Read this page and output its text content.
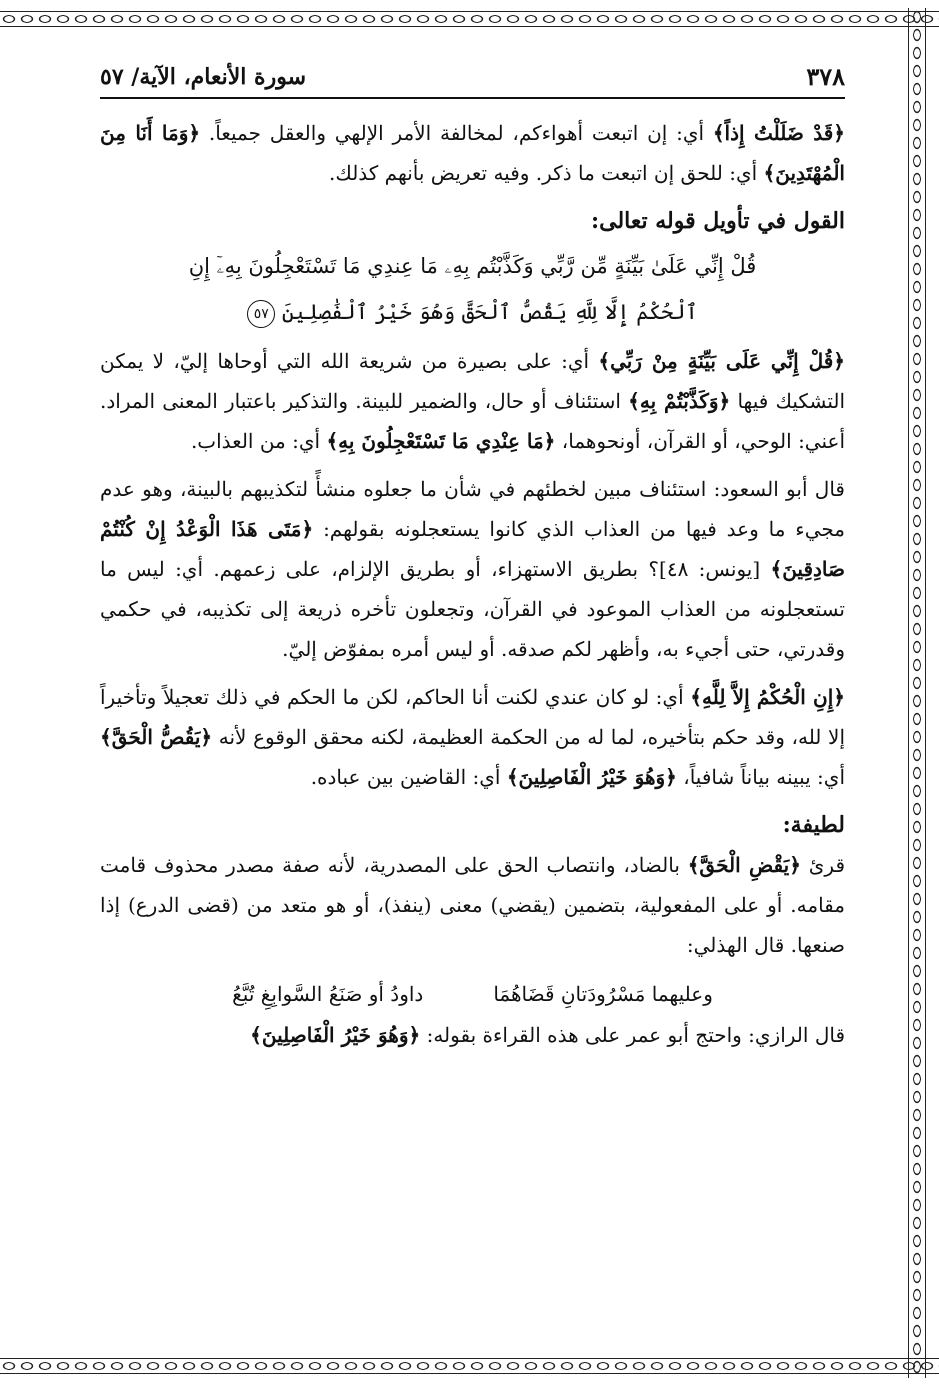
٣٧٨
سورة الأنعام، الآية/ ٥٧

﴿قَدْ ضَلَلْتُ إِذاً﴾ أي: إن اتبعت أهواءكم، لمخالفة الأمر الإلهي والعقل جميعاً. ﴿وَمَا أَنَا مِنَ الْمُهْتَدِينَ﴾ أي: للحق إن اتبعت ما ذكر. وفيه تعريض بأنهم كذلك.

القول في تأويل قوله تعالى:
قُلْ إِنِّي عَلَىٰ بَيِّنَةٍ مِّن رَّبِّي وَكَذَّبْتُم بِهِۦ مَا عِندِي مَا تَسْتَعْجِلُونَ بِهِۦٓ إِنِ
ٱلْحُكْمُ إِلَّا لِلَّهِ يَقُصُّ ٱلْحَقَّ وَهُوَ خَيْرُ ٱلْفَٰصِلِينَ ٥٧

﴿قُلْ إِنِّي عَلَى بَيِّنَةٍ مِنْ رَبِّي﴾ أي: على بصيرة من شريعة الله التي أوحاها إليّ، لا يمكن التشكيك فيها ﴿وَكَذَّبْتُمْ بِهِ﴾ استئناف أو حال، والضمير للبينة. والتذكير باعتبار المعنى المراد. أعني: الوحي، أو القرآن، أونحوهما، ﴿مَا عِنْدِي مَا تَسْتَعْجِلُونَ بِهِ﴾ أي: من العذاب.

قال أبو السعود: استئناف مبين لخطئهم في شأن ما جعلوه منشأً لتكذيبهم بالبينة، وهو عدم مجيء ما وعد فيها من العذاب الذي كانوا يستعجلونه بقولهم: ﴿مَتَى هَذَا الْوَعْدُ إِنْ كُنْتُمْ صَادِقِينَ﴾ [يونس: ٤٨]؟ بطريق الاستهزاء، أو بطريق الإلزام، على زعمهم. أي: ليس ما تستعجلونه من العذاب الموعود في القرآن، وتجعلون تأخره ذريعة إلى تكذيبه، في حكمي وقدرتي، حتى أجيء به، وأظهر لكم صدقه. أو ليس أمره بمفوّض إليّ.

﴿إِنِ الْحُكْمُ إِلاَّ لِلَّهِ﴾ أي: لو كان عندي لكنت أنا الحاكم، لكن ما الحكم في ذلك تعجيلاً وتأخيراً إلا لله، وقد حكم بتأخيره، لما له من الحكمة العظيمة، لكنه محقق الوقوع لأنه ﴿يَقُصُّ الْحَقَّ﴾ أي: يبينه بياناً شافياً، ﴿وَهُوَ خَيْرُ الْفَاصِلِينَ﴾ أي: القاضين بين عباده.

لطيفة:

قرئ ﴿يَقْضِ الْحَقَّ﴾ بالضاد، وانتصاب الحق على المصدرية، لأنه صفة مصدر محذوف قامت مقامه. أو على المفعولية، بتضمين (يقضي) معنى (ينفذ)، أو هو متعد من (قضى الدرع) إذا صنعها. قال الهذلي:

وعليهما مَسْرُودَتانِ قَضَاهُمَا
داودُ أو صَنَعُ السَّوابِغِ تُبَّعُ

قال الرازي: واحتج أبو عمر على هذه القراءة بقوله: ﴿وَهُوَ خَيْرُ الْفَاصِلِينَ﴾
